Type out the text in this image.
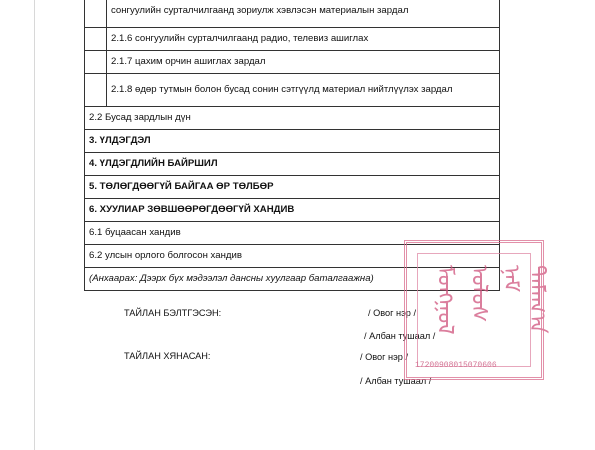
	сонгуулийн сурталчилгаанд зориулж хэвлэсэн материалын зардал
	2.1.6 сонгуулийн сурталчилгаанд радио, телевиз ашиглах
	2.1.7 цахим орчин ашиглах зардал
	2.1.8 өдөр тутмын болон бусад сонин сэтгүүлд материал нийтлүүлэх зардал
2.2 Бусад зардлын дүн	
3. ҮЛДЭГДЭЛ	
4. ҮЛДЭГДЛИЙН БАЙРШИЛ	
5. ТӨЛӨГДӨӨГҮЙ БАЙГАА ӨР ТӨЛБӨР	
6. ХУУЛИАР ЗӨВШӨӨРӨГДӨӨГҮЙ ХАНДИВ	
6.1 буцаасан хандив	
6.2 улсын орлого болгосон хандив	
(Анхаарах: Дээрх бүх мэдээлэл дансны хуулгаар баталгаажна)	
ТАЙЛАН БЭЛТГЭСЭН:	/ Овог нэр /
/ Албан тушаал /
ТАЙЛАН ХЯНАСАН:	/ Овог нэр /
/ Албан тушаал /
ᠮᠣᠩᠭᠣᠯ ᠤᠯᠤᠰ ᠨᠠᠮ ᠲᠠᠮᠠᠭ᠎ᠠ
17200908015070606
